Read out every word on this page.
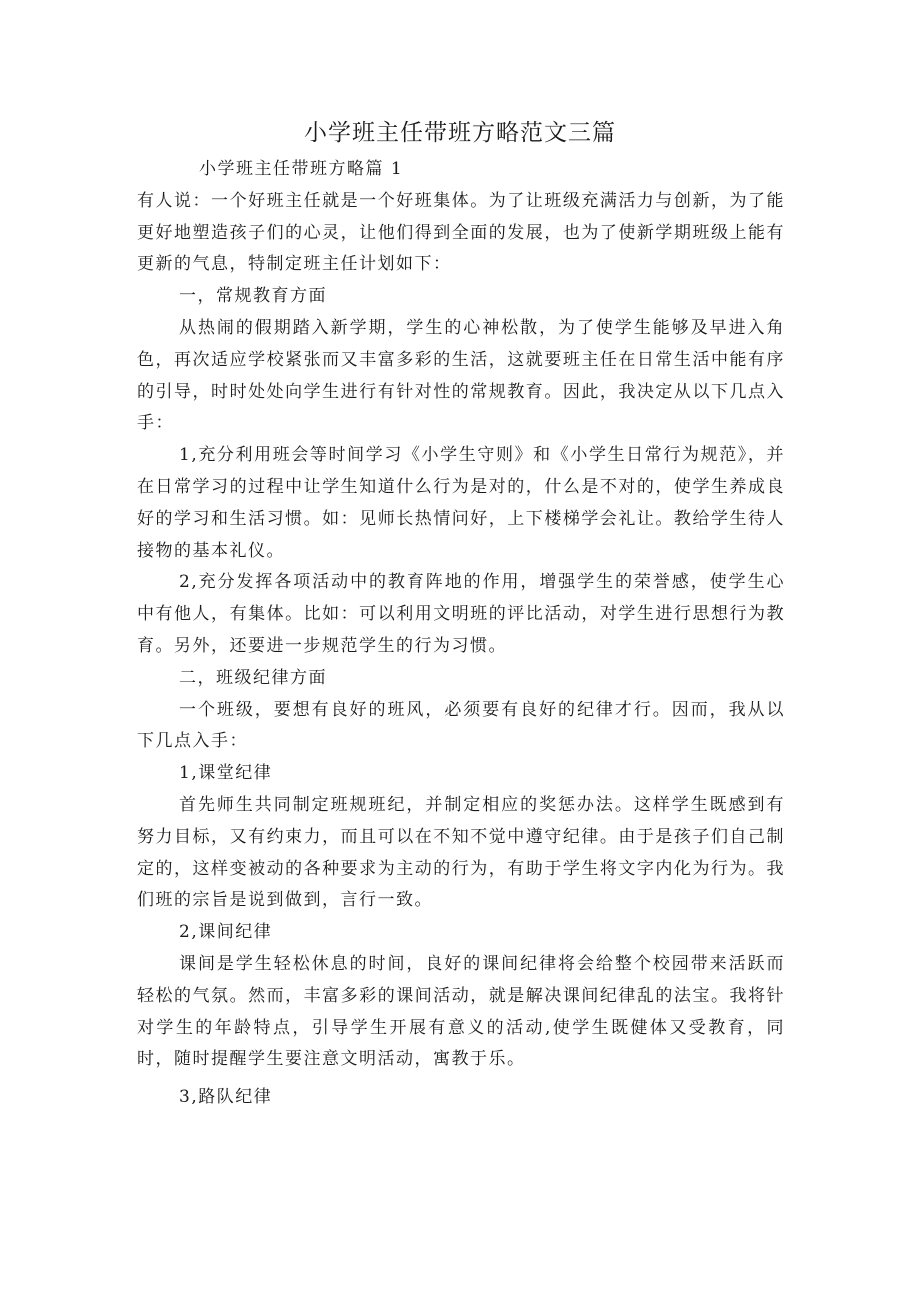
小学班主任带班方略范文三篇

小学班主任带班方略篇 1

有人说：一个好班主任就是一个好班集体。为了让班级充满活力与创新，为了能更好地塑造孩子们的心灵，让他们得到全面的发展，也为了使新学期班级上能有更新的气息，特制定班主任计划如下：

一，常规教育方面

从热闹的假期踏入新学期，学生的心神松散，为了使学生能够及早进入角色，再次适应学校紧张而又丰富多彩的生活，这就要班主任在日常生活中能有序的引导，时时处处向学生进行有针对性的常规教育。因此，我决定从以下几点入手：

1,充分利用班会等时间学习《小学生守则》和《小学生日常行为规范》，并在日常学习的过程中让学生知道什么行为是对的，什么是不对的，使学生养成良好的学习和生活习惯。如：见师长热情问好，上下楼梯学会礼让。教给学生待人接物的基本礼仪。

2,充分发挥各项活动中的教育阵地的作用，增强学生的荣誉感，使学生心中有他人，有集体。比如：可以利用文明班的评比活动，对学生进行思想行为教育。另外，还要进一步规范学生的行为习惯。

二，班级纪律方面

一个班级，要想有良好的班风，必须要有良好的纪律才行。因而，我从以下几点入手：

1,课堂纪律

首先师生共同制定班规班纪，并制定相应的奖惩办法。这样学生既感到有努力目标，又有约束力，而且可以在不知不觉中遵守纪律。由于是孩子们自己制定的，这样变被动的各种要求为主动的行为，有助于学生将文字内化为行为。我们班的宗旨是说到做到，言行一致。

2,课间纪律

课间是学生轻松休息的时间，良好的课间纪律将会给整个校园带来活跃而轻松的气氛。然而，丰富多彩的课间活动，就是解决课间纪律乱的法宝。我将针对学生的年龄特点，引导学生开展有意义的活动,使学生既健体又受教育，同时，随时提醒学生要注意文明活动，寓教于乐。

3,路队纪律
